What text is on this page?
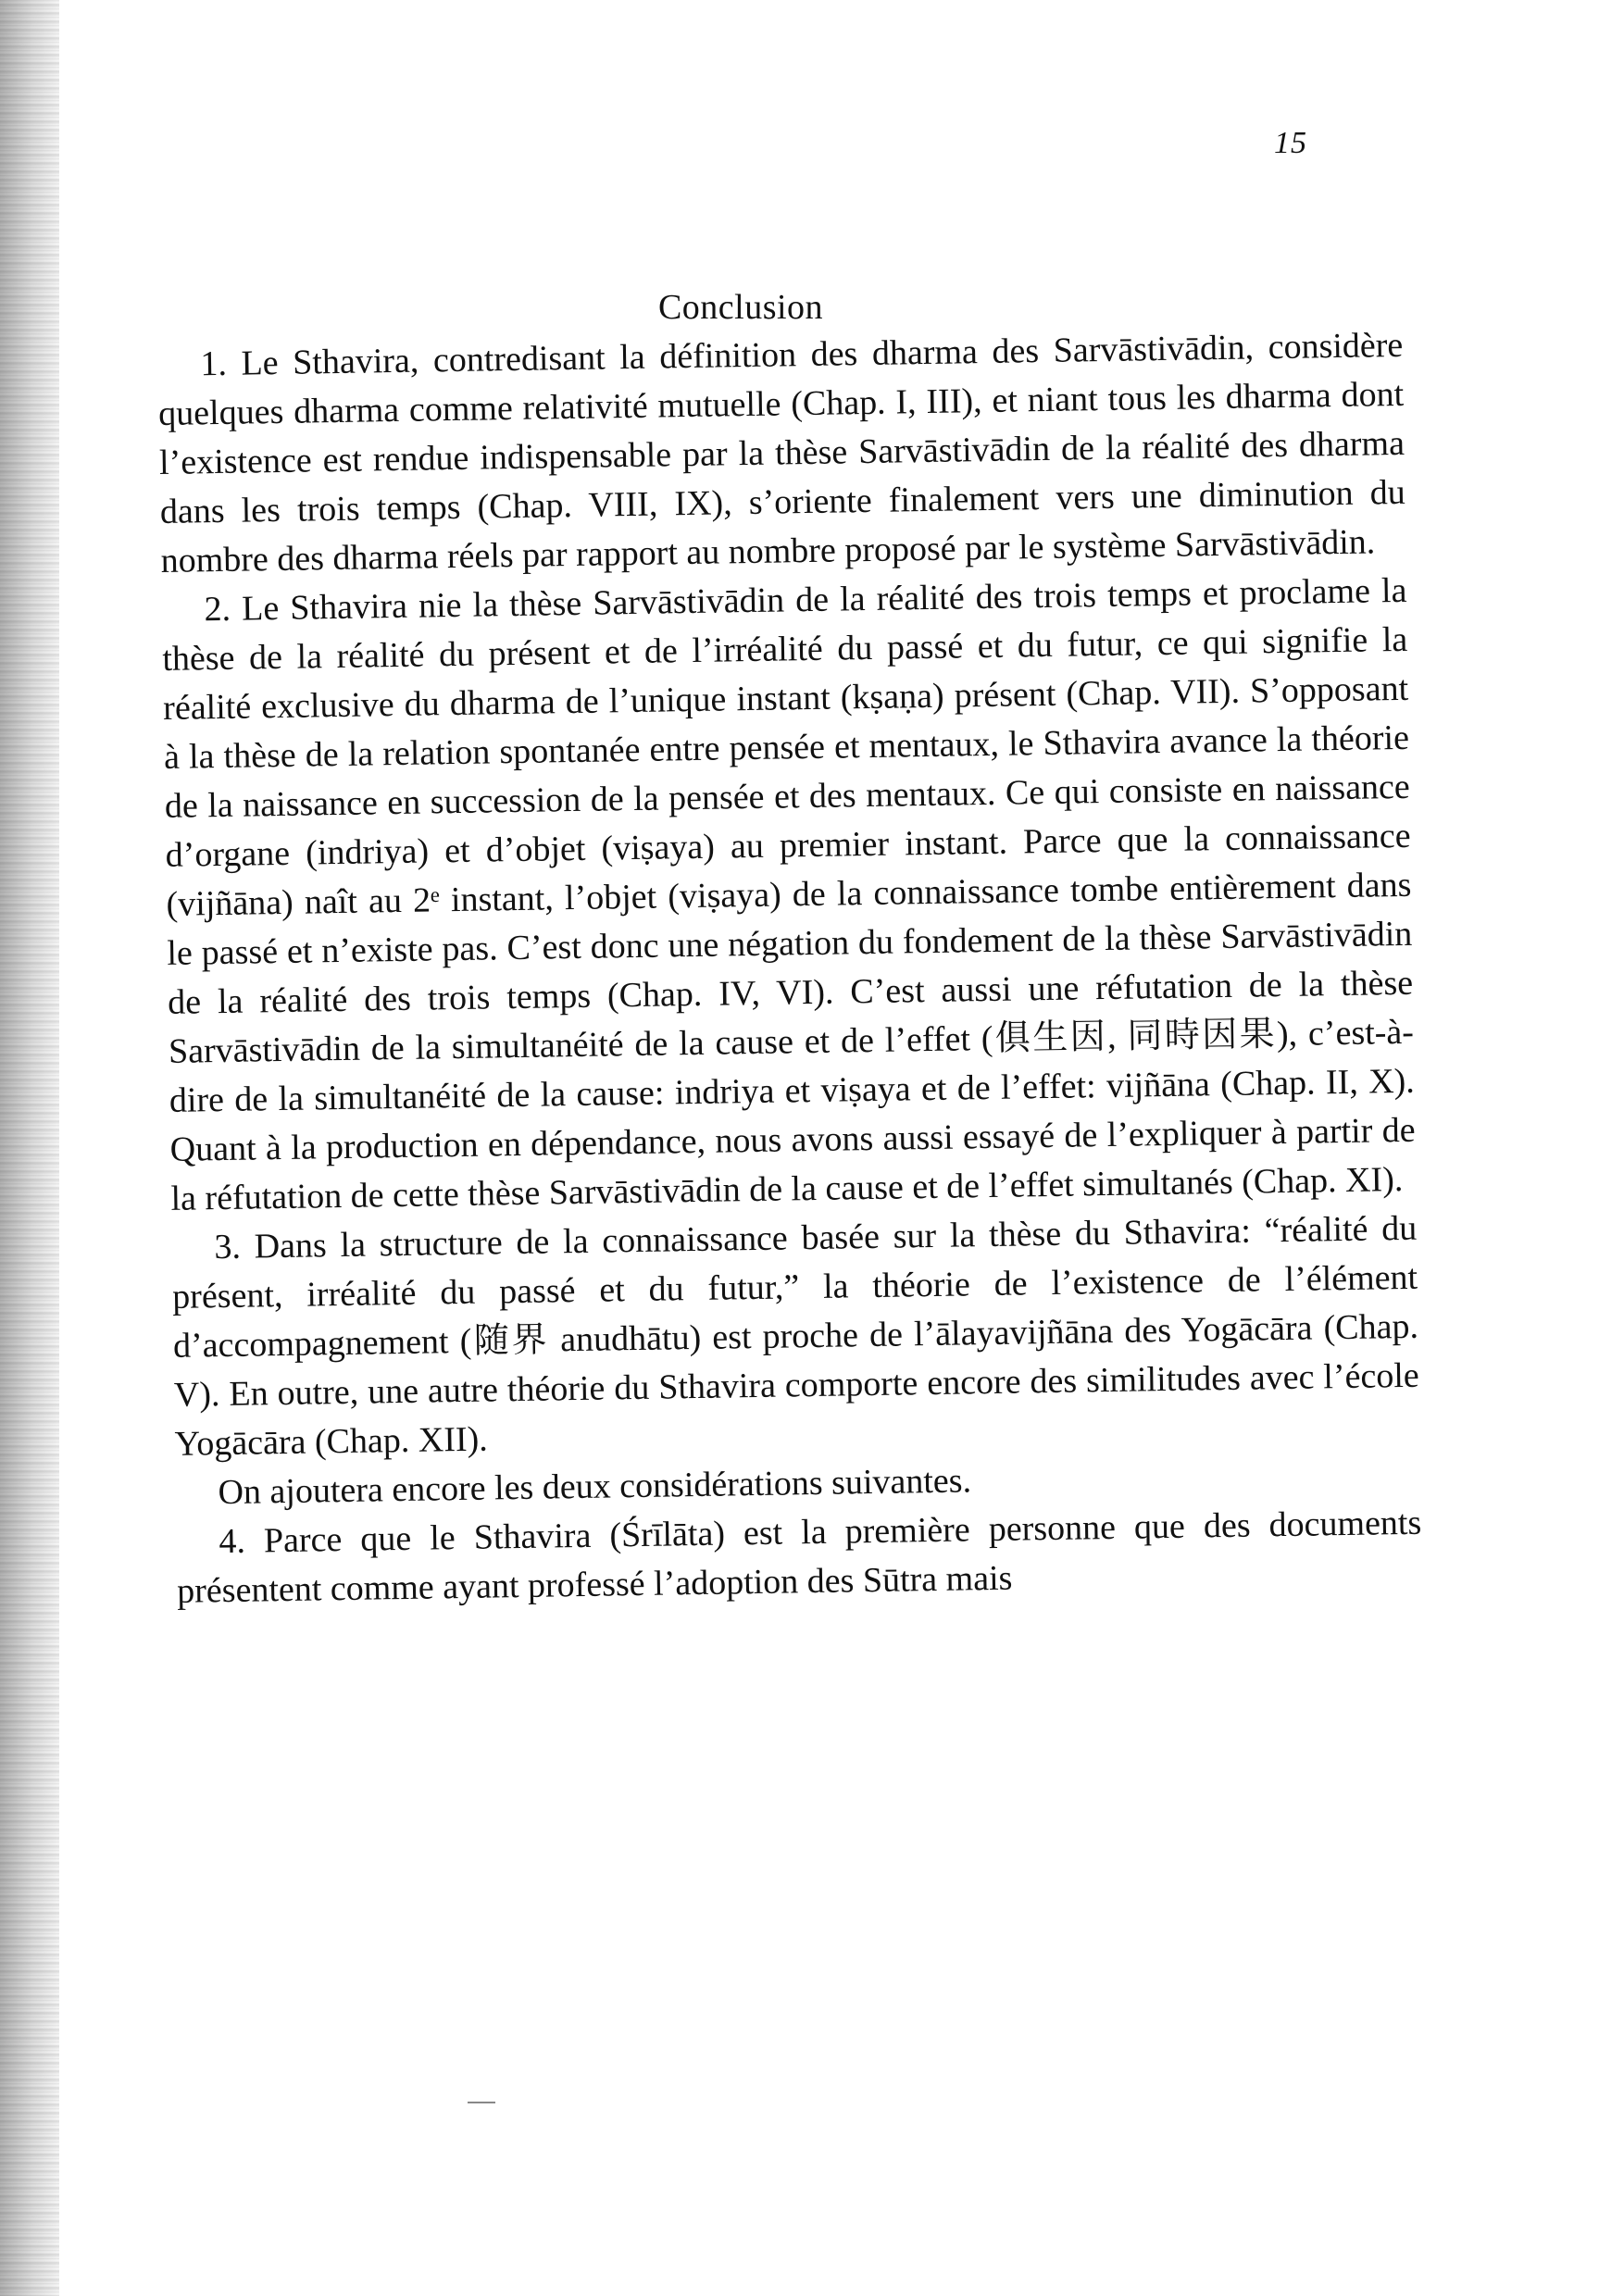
15
Conclusion

1. Le Sthavira, contredisant la définition des dharma des Sarvāstivādin, considère quelques dharma comme relativité mutuelle (Chap. I, III), et niant tous les dharma dont l’existence est rendue indispensable par la thèse Sarvāstivādin de la réalité des dharma dans les trois temps (Chap. VIII, IX), s’oriente finalement vers une diminution du nombre des dharma réels par rapport au nombre proposé par le système Sarvāstivādin.

2. Le Sthavira nie la thèse Sarvāstivādin de la réalité des trois temps et proclame la thèse de la réalité du présent et de l’irréalité du passé et du futur, ce qui signifie la réalité exclusive du dharma de l’unique instant (kṣaṇa) présent (Chap. VII). S’opposant à la thèse de la relation spontanée entre pensée et mentaux, le Sthavira avance la théorie de la naissance en succession de la pensée et des mentaux. Ce qui consiste en naissance d’organe (indriya) et d’objet (viṣaya) au premier instant. Parce que la connaissance (vijñāna) naît au 2ᵉ instant, l’objet (viṣaya) de la connaissance tombe entièrement dans le passé et n’existe pas. C’est donc une négation du fondement de la thèse Sarvāstivādin de la réalité des trois temps (Chap. IV, VI). C’est aussi une réfutation de la thèse Sarvāstivādin de la simultanéité de la cause et de l’effet (俱生因, 同時因果), c’est-à-dire de la simultanéité de la cause: indriya et viṣaya et de l’effet: vijñāna (Chap. II, X). Quant à la production en dépendance, nous avons aussi essayé de l’expliquer à partir de la réfutation de cette thèse Sarvāstivādin de la cause et de l’effet simultanés (Chap. XI).

3. Dans la structure de la connaissance basée sur la thèse du Sthavira: “réalité du présent, irréalité du passé et du futur,” la théorie de l’existence de l’élément d’accompagnement (随界 anudhātu) est proche de l’ālayavijñāna des Yogācāra (Chap. V). En outre, une autre théorie du Sthavira comporte encore des similitudes avec l’école Yogācāra (Chap. XII).

On ajoutera encore les deux considérations suivantes.

4. Parce que le Sthavira (Śrīlāta) est la première personne que des documents présentent comme ayant professé l’adoption des Sūtra mais
